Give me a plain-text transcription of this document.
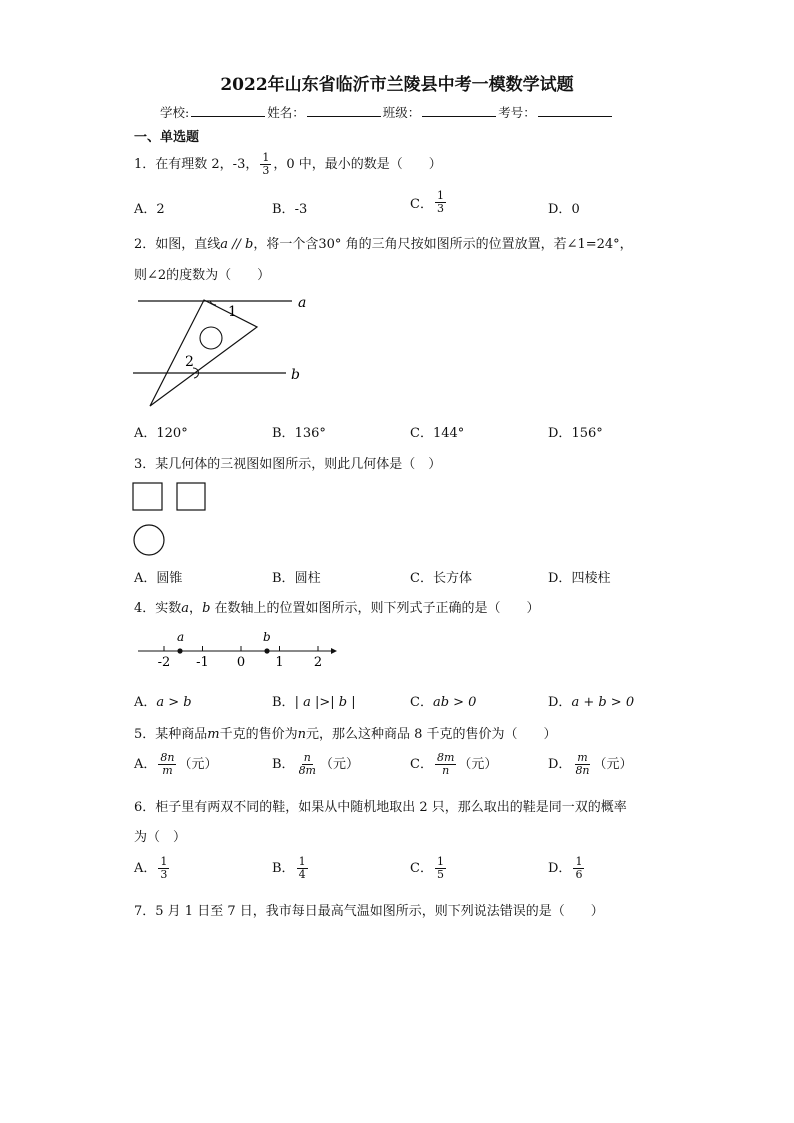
2022年山东省临沂市兰陵县中考一模数学试题
学校:	姓名：	班级：	考号：
一、单选题
1．在有理数 2，-3， $\frac{1}{3}$ ，0 中，最小的数是（　　）
A．2	B．-3	C． $\frac{1}{3}$	D．0
2．如图，直线a // b，将一个含30° 角的三角尺按如图所示的位置放置，若∠1=24°，
则∠2的度数为（　　）
1
2
a
b
A．120°	B．136°	C．144°	D．156°
3．某几何体的三视图如图所示，则此几何体是（　）
A．圆锥	B．圆柱	C．长方体	D．四棱柱
4．实数a，b 在数轴上的位置如图所示，则下列式子正确的是（　　）
-2 -1 0 1 2
a	b
A．a > b	B．| a |>| b |	C．ab > 0	D．a + b > 0
5．某种商品m千克的售价为n元，那么这种商品 8 千克的售价为（　　）
A． $\frac{8n}{m}$ （元）	B． $\frac{n}{8m}$ （元）	C． $\frac{8m}{n}$ （元）	D． $\frac{m}{8n}$ （元）
6．柜子里有两双不同的鞋，如果从中随机地取出 2 只，那么取出的鞋是同一双的概率
为（　）
A． $\frac{1}{3}$	B． $\frac{1}{4}$	C． $\frac{1}{5}$	D． $\frac{1}{6}$
7．5 月 1 日至 7 日，我市每日最高气温如图所示，则下列说法错误的是（　　）
